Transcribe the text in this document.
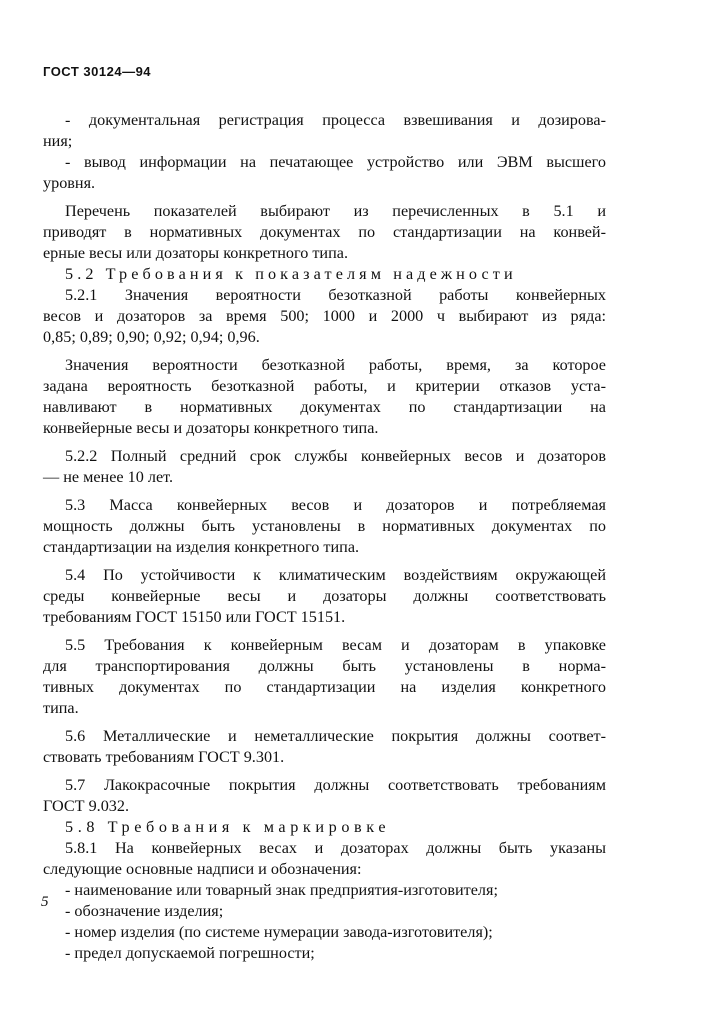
ГОСТ 30124—94

- документальная регистрация процесса взвешивания и дозирова-

ния;

- вывод информации на печатающее устройство или ЭВМ высшего

уровня.

Перечень показателей выбирают из перечисленных в 5.1 и

приводят в нормативных документах по стандартизации на конвей-

ерные весы или дозаторы конкретного типа.

5.2 Требования к показателям надежности

5.2.1 Значения вероятности безотказной работы конвейерных

весов и дозаторов за время 500; 1000 и 2000 ч выбирают из ряда:

0,85; 0,89; 0,90; 0,92; 0,94; 0,96.

Значения вероятности безотказной работы, время, за которое

задана вероятность безотказной работы, и критерии отказов уста-

навливают в нормативных документах по стандартизации на

конвейерные весы и дозаторы конкретного типа.

5.2.2 Полный средний срок службы конвейерных весов и дозаторов

— не менее 10 лет.

5.3 Масса конвейерных весов и дозаторов и потребляемая

мощность должны быть установлены в нормативных документах по

стандартизации на изделия конкретного типа.

5.4 По устойчивости к климатическим воздействиям окружающей

среды конвейерные весы и дозаторы должны соответствовать

требованиям ГОСТ 15150 или ГОСТ 15151.

5.5 Требования к конвейерным весам и дозаторам в упаковке

для транспортирования должны быть установлены в норма-

тивных документах по стандартизации на изделия конкретного

типа.

5.6 Металлические и неметаллические покрытия должны соответ-

ствовать требованиям ГОСТ 9.301.

5.7 Лакокрасочные покрытия должны соответствовать требованиям

ГОСТ 9.032.

5.8 Требования к маркировке

5.8.1 На конвейерных весах и дозаторах должны быть указаны

следующие основные надписи и обозначения:

- наименование или товарный знак предприятия-изготовителя;

- обозначение изделия;

- номер изделия (по системе нумерации завода-изготовителя);

- предел допускаемой погрешности;

5
